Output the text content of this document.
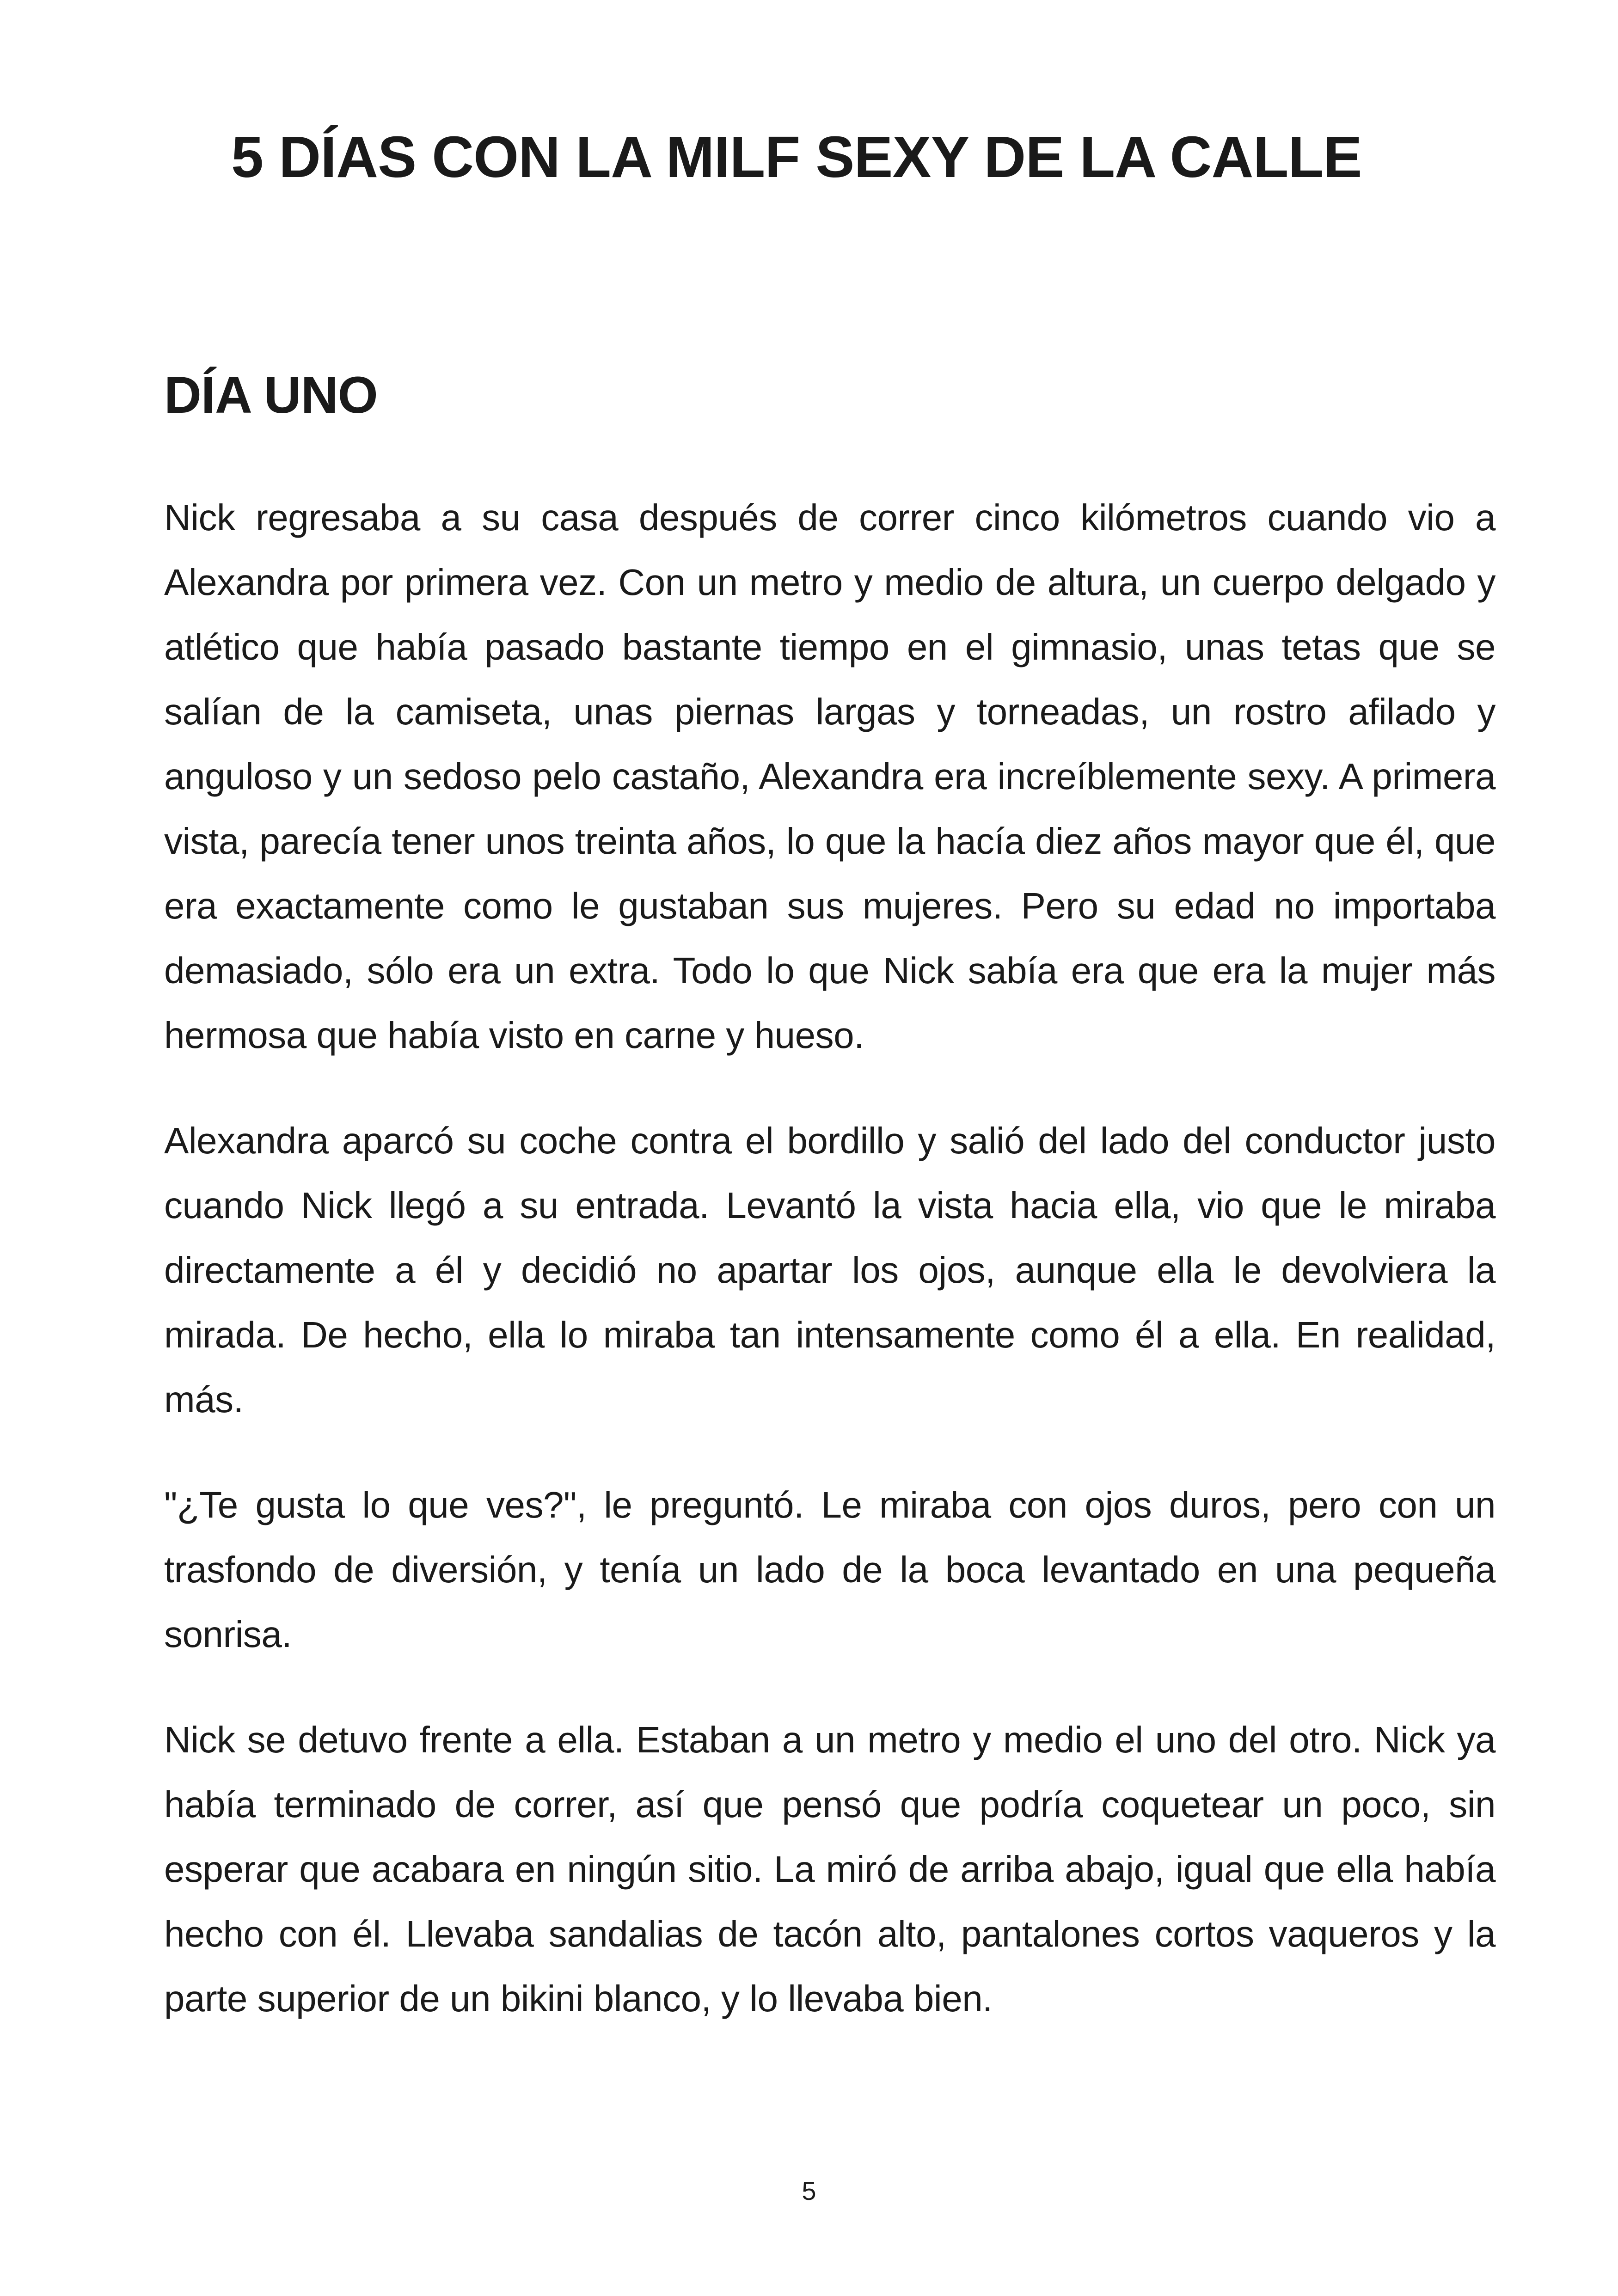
5 DÍAS CON LA MILF SEXY DE LA CALLE
DÍA UNO

Nick regresaba a su casa después de correr cinco kilómetros cuando vio a Alexandra por primera vez. Con un metro y medio de altura, un cuerpo delgado y atlético que había pasado bastante tiempo en el gimnasio, unas tetas que se salían de la camiseta, unas piernas largas y torneadas, un rostro afilado y anguloso y un sedoso pelo castaño, Alexandra era increíblemente sexy. A primera vista, parecía tener unos treinta años, lo que la hacía diez años mayor que él, que era exactamente como le gustaban sus mujeres. Pero su edad no importaba demasiado, sólo era un extra. Todo lo que Nick sabía era que era la mujer más hermosa que había visto en carne y hueso.

Alexandra aparcó su coche contra el bordillo y salió del lado del conductor justo cuando Nick llegó a su entrada. Levantó la vista hacia ella, vio que le miraba directamente a él y decidió no apartar los ojos, aunque ella le devolviera la mirada. De hecho, ella lo miraba tan intensamente como él a ella. En realidad, más.

"¿Te gusta lo que ves?", le preguntó. Le miraba con ojos duros, pero con un trasfondo de diversión, y tenía un lado de la boca levantado en una pequeña sonrisa.

Nick se detuvo frente a ella. Estaban a un metro y medio el uno del otro. Nick ya había terminado de correr, así que pensó que podría coquetear un poco, sin esperar que acabara en ningún sitio. La miró de arriba abajo, igual que ella había hecho con él. Llevaba sandalias de tacón alto, pantalones cortos vaqueros y la parte superior de un bikini blanco, y lo llevaba bien.

5
